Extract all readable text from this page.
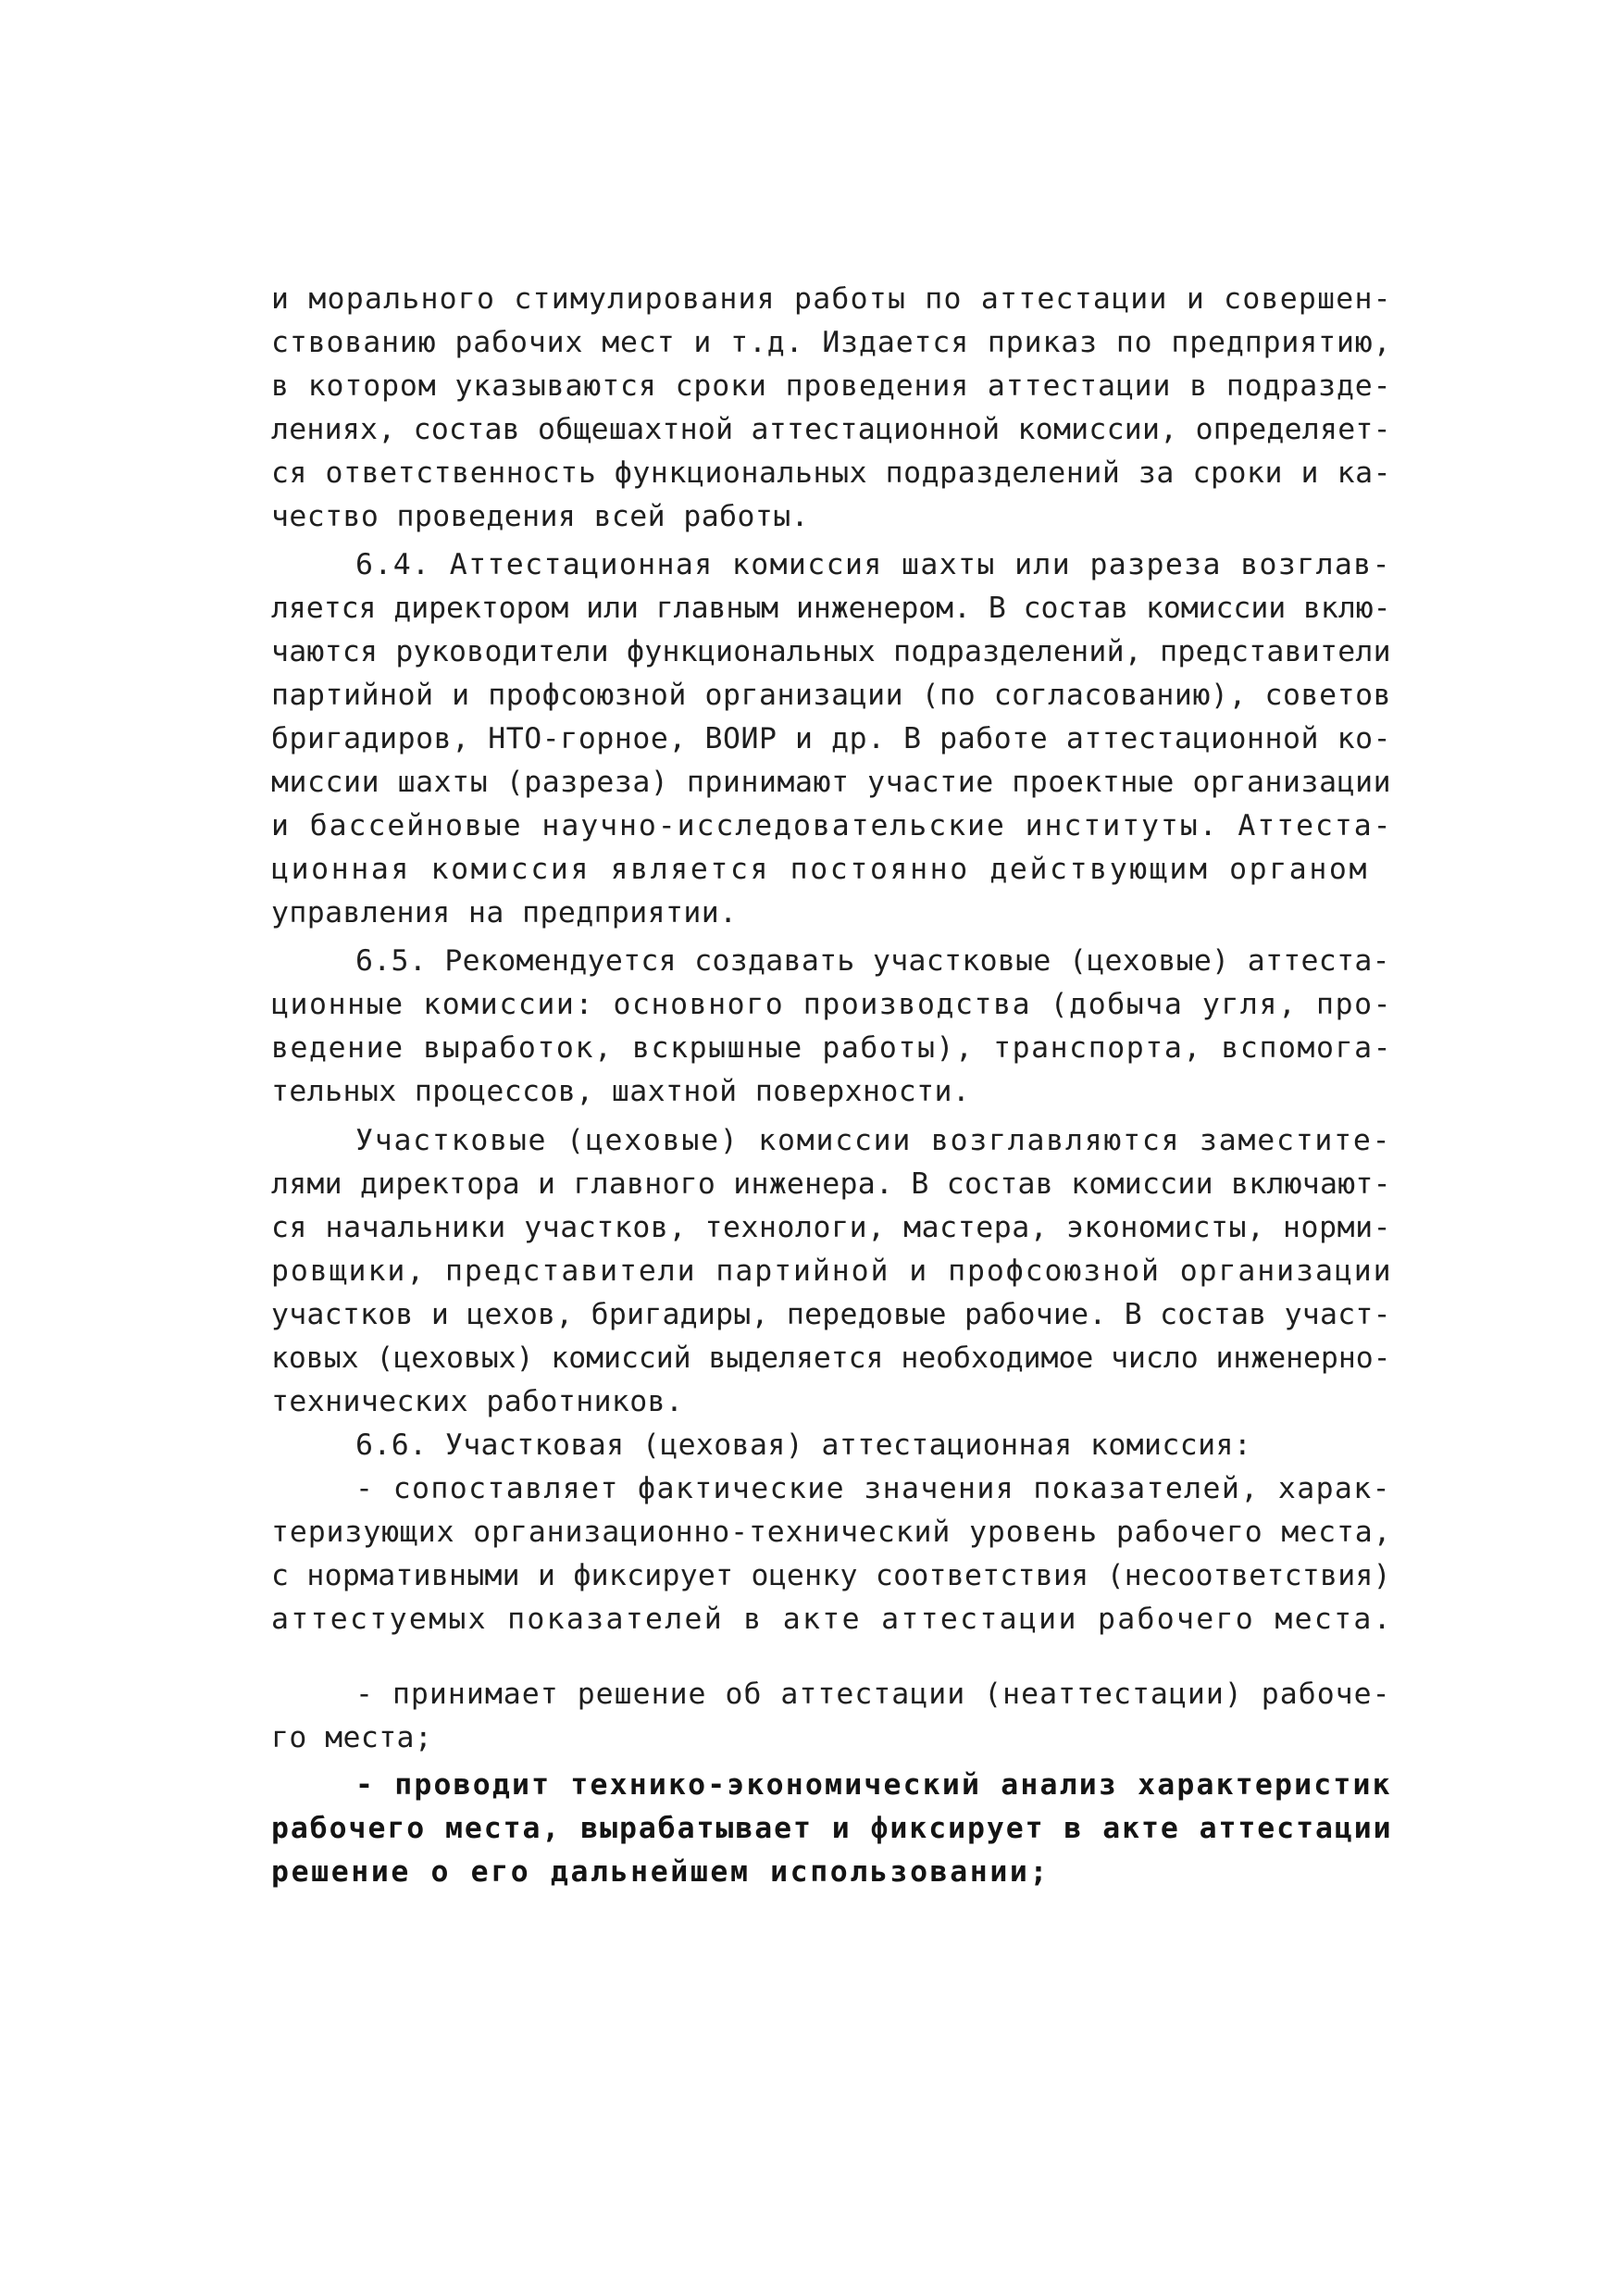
и морального стимулирования работы по аттестации и совершен-
ствованию рабочих мест и т.д. Издается приказ по предприятию,
в котором указываются сроки проведения аттестации в подразде-
лениях, состав общешахтной аттестационной комиссии, определяет-
ся ответственность функциональных подразделений за сроки и ка-
чество проведения всей работы.
6.4. Аттестационная комиссия шахты или разреза возглав-
ляется директором или главным инженером. В состав комиссии вклю-
чаются руководители функциональных подразделений, представители
партийной и профсоюзной организации (по согласованию), советов
бригадиров, НТО-горное, ВОИР и др. В работе аттестационной ко-
миссии шахты (разреза) принимают участие проектные организации
и бассейновые научно-исследовательские институты. Аттеста-
ционная комиссия является постоянно действующим органом
управления на предприятии.
6.5. Рекомендуется создавать участковые (цеховые) аттеста-
ционные комиссии: основного производства (добыча угля, про-
ведение выработок, вскрышные работы), транспорта, вспомога-
тельных процессов, шахтной поверхности.
Участковые (цеховые) комиссии возглавляются заместите-
лями директора и главного инженера. В состав комиссии включают-
ся начальники участков, технологи, мастера, экономисты, норми-
ровщики, представители партийной и профсоюзной организации
участков и цехов, бригадиры, передовые рабочие. В состав участ-
ковых (цеховых) комиссий выделяется необходимое число инженерно-
технических работников.
6.6. Участковая (цеховая) аттестационная комиссия:
- сопоставляет фактические значения показателей, харак-
теризующих организационно-технический уровень рабочего места,
с нормативными и фиксирует оценку соответствия (несоответствия)
аттестуемых показателей в акте аттестации рабочего места.
- принимает решение об аттестации (неаттестации) рабоче-
го места;
- проводит технико-экономический анализ характеристик
рабочего места, вырабатывает и фиксирует в акте аттестации
решение о его дальнейшем использовании;
